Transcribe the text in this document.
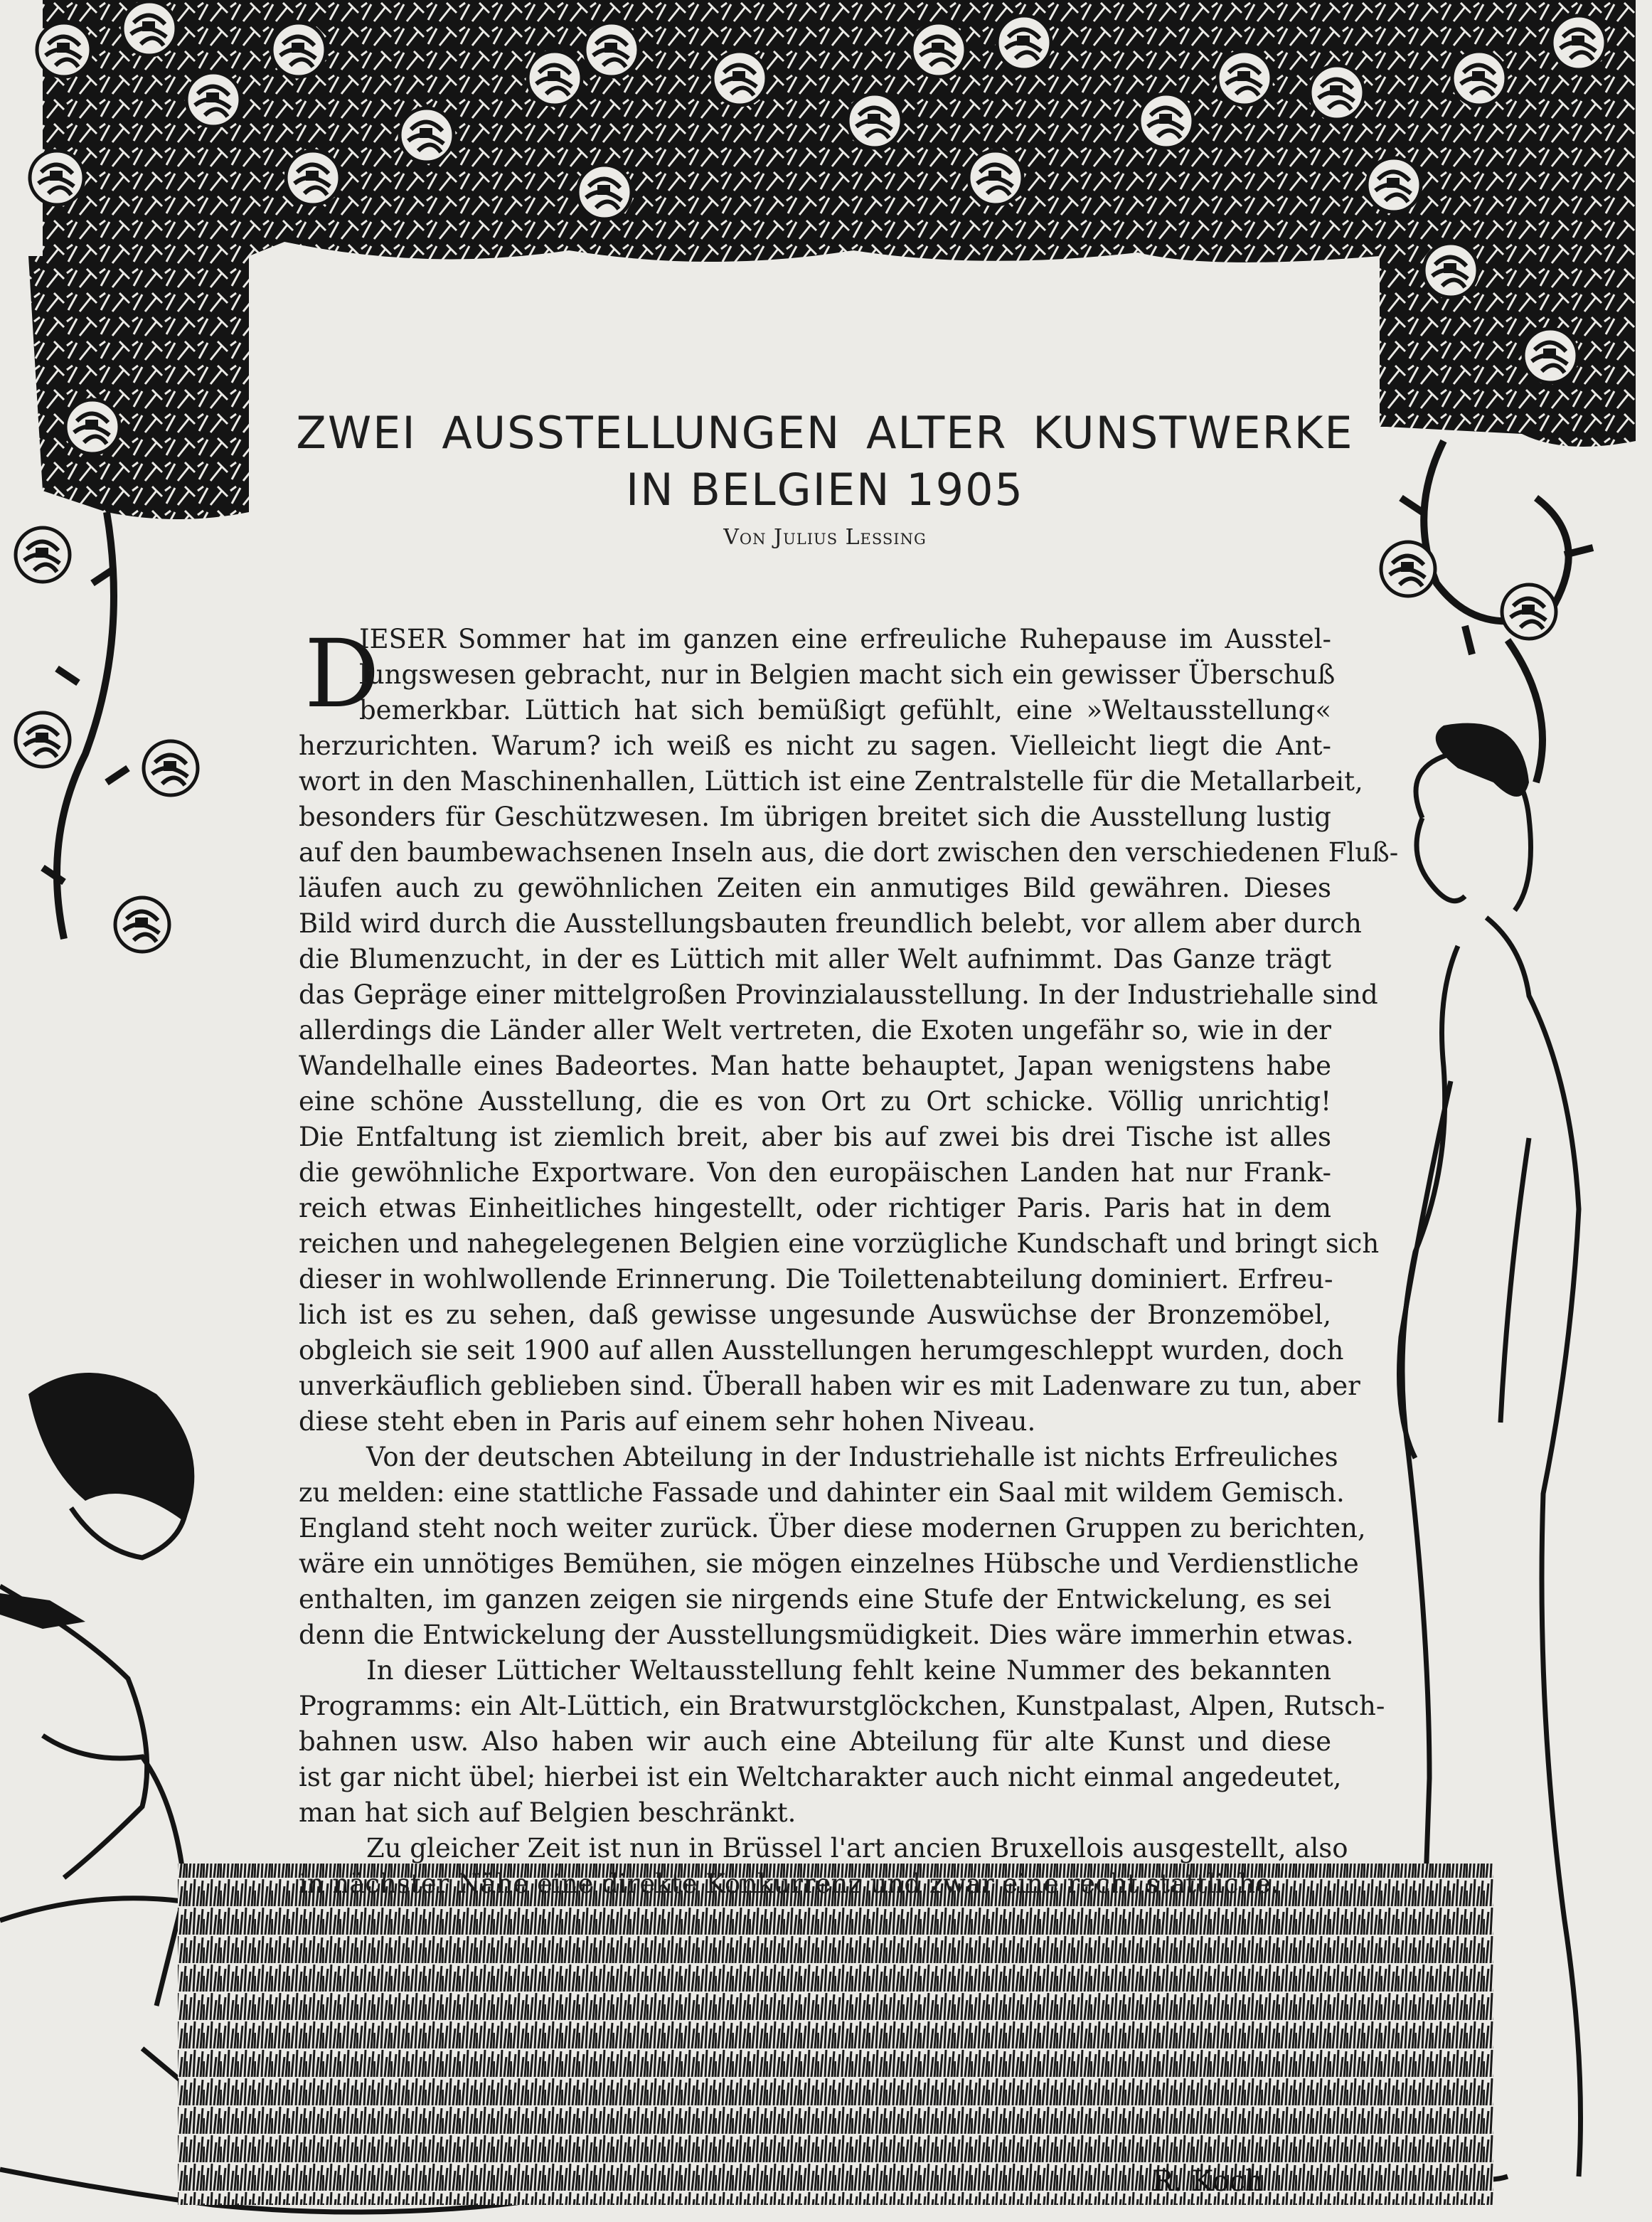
R. Koch
ZWEI AUSSTELLUNGEN ALTER KUNSTWERKE
IN BELGIEN 1905
Von Julius Lessing
D
IESER Sommer hat im ganzen eine erfreuliche Ruhepause im Ausstel-
lungswesen gebracht, nur in Belgien macht sich ein gewisser Überschuß
bemerkbar. Lüttich hat sich bemüßigt gefühlt, eine »Weltausstellung«
herzurichten. Warum? ich weiß es nicht zu sagen. Vielleicht liegt die Ant-
wort in den Maschinenhallen, Lüttich ist eine Zentralstelle für die Metallarbeit,
besonders für Geschützwesen. Im übrigen breitet sich die Ausstellung lustig
auf den baumbewachsenen Inseln aus, die dort zwischen den verschiedenen Fluß-
läufen auch zu gewöhnlichen Zeiten ein anmutiges Bild gewähren. Dieses
Bild wird durch die Ausstellungsbauten freundlich belebt, vor allem aber durch
die Blumenzucht, in der es Lüttich mit aller Welt aufnimmt. Das Ganze trägt
das Gepräge einer mittelgroßen Provinzialausstellung. In der Industriehalle sind
allerdings die Länder aller Welt vertreten, die Exoten ungefähr so, wie in der
Wandelhalle eines Badeortes. Man hatte behauptet, Japan wenigstens habe
eine schöne Ausstellung, die es von Ort zu Ort schicke. Völlig unrichtig!
Die Entfaltung ist ziemlich breit, aber bis auf zwei bis drei Tische ist alles
die gewöhnliche Exportware. Von den europäischen Landen hat nur Frank-
reich etwas Einheitliches hingestellt, oder richtiger Paris. Paris hat in dem
reichen und nahegelegenen Belgien eine vorzügliche Kundschaft und bringt sich
dieser in wohlwollende Erinnerung. Die Toilettenabteilung dominiert. Erfreu-
lich ist es zu sehen, daß gewisse ungesunde Auswüchse der Bronzemöbel,
obgleich sie seit 1900 auf allen Ausstellungen herumgeschleppt wurden, doch
unverkäuflich geblieben sind. Überall haben wir es mit Ladenware zu tun, aber
diese steht eben in Paris auf einem sehr hohen Niveau.
Von der deutschen Abteilung in der Industriehalle ist nichts Erfreuliches
zu melden: eine stattliche Fassade und dahinter ein Saal mit wildem Gemisch.
England steht noch weiter zurück. Über diese modernen Gruppen zu berichten,
wäre ein unnötiges Bemühen, sie mögen einzelnes Hübsche und Verdienstliche
enthalten, im ganzen zeigen sie nirgends eine Stufe der Entwickelung, es sei
denn die Entwickelung der Ausstellungsmüdigkeit. Dies wäre immerhin etwas.
In dieser Lütticher Weltausstellung fehlt keine Nummer des bekannten
Programms: ein Alt-Lüttich, ein Bratwurstglöckchen, Kunstpalast, Alpen, Rutsch-
bahnen usw. Also haben wir auch eine Abteilung für alte Kunst und diese
ist gar nicht übel; hierbei ist ein Weltcharakter auch nicht einmal angedeutet,
man hat sich auf Belgien beschränkt.
Zu gleicher Zeit ist nun in Brüssel l'art ancien Bruxellois ausgestellt, also
in nächster Nähe eine direkte Konkurrenz und zwar eine recht stattliche.
